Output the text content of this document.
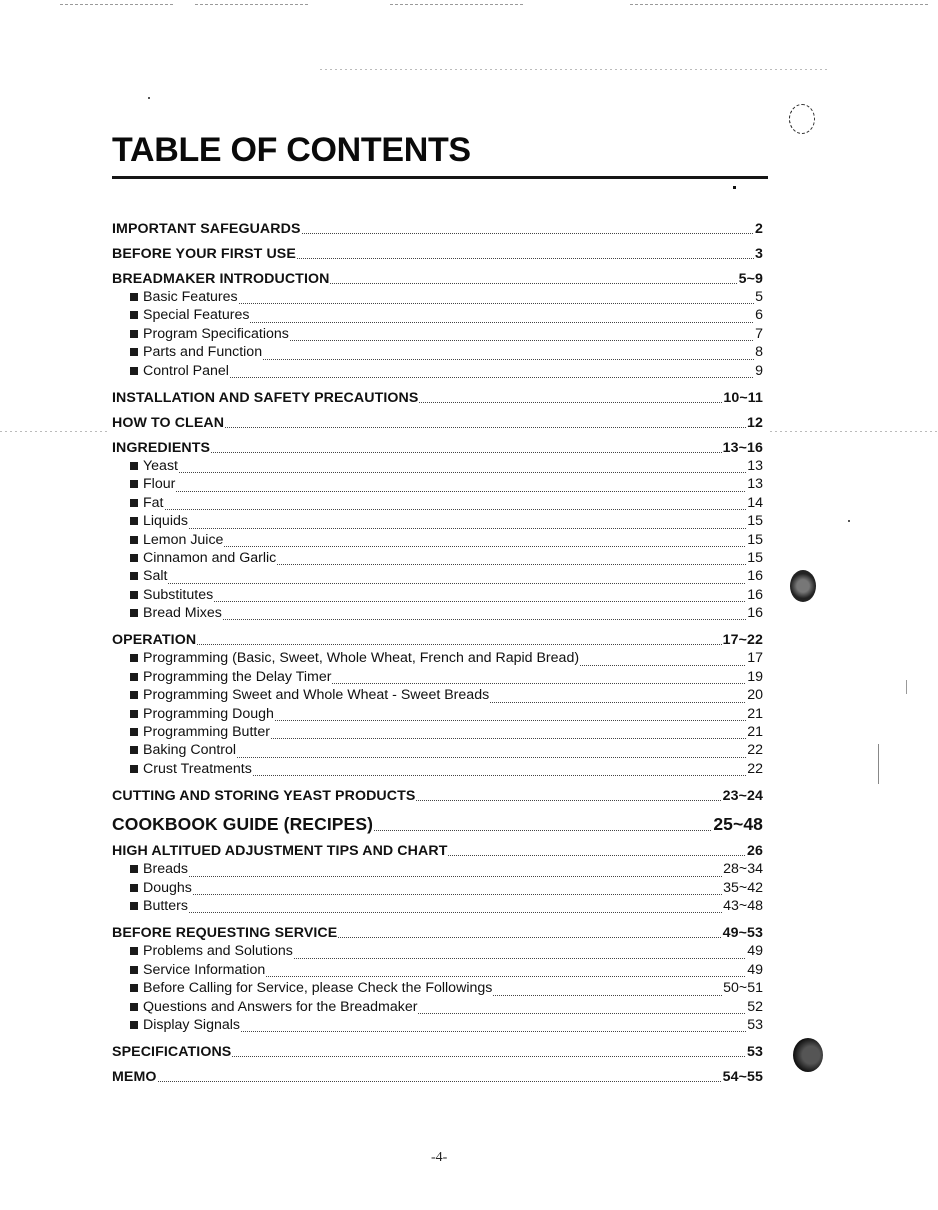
TABLE OF CONTENTS
IMPORTANT SAFEGUARDS	2
BEFORE YOUR FIRST USE	3
BREADMAKER INTRODUCTION	5~9
Basic Features	5
Special Features	6
Program Specifications	7
Parts and Function	8
Control Panel	9
INSTALLATION AND SAFETY PRECAUTIONS	10~11
HOW TO CLEAN	12
INGREDIENTS	13~16
Yeast	13
Flour	13
Fat	14
Liquids	15
Lemon Juice	15
Cinnamon and Garlic	15
Salt	16
Substitutes	16
Bread Mixes	16
OPERATION	17~22
Programming (Basic, Sweet, Whole Wheat, French and Rapid Bread)	17
Programming the Delay Timer	19
Programming Sweet and Whole Wheat - Sweet Breads	20
Programming Dough	21
Programming Butter	21
Baking Control	22
Crust Treatments	22
CUTTING AND STORING YEAST PRODUCTS	23~24
COOKBOOK GUIDE (RECIPES)	25~48
HIGH ALTITUED ADJUSTMENT TIPS AND CHART	26
Breads	28~34
Doughs	35~42
Butters	43~48
BEFORE REQUESTING SERVICE	49~53
Problems and Solutions	49
Service Information	49
Before Calling for Service, please Check the Followings	50~51
Questions and Answers for the Breadmaker	52
Display Signals	53
SPECIFICATIONS	53
MEMO	54~55
-4-
